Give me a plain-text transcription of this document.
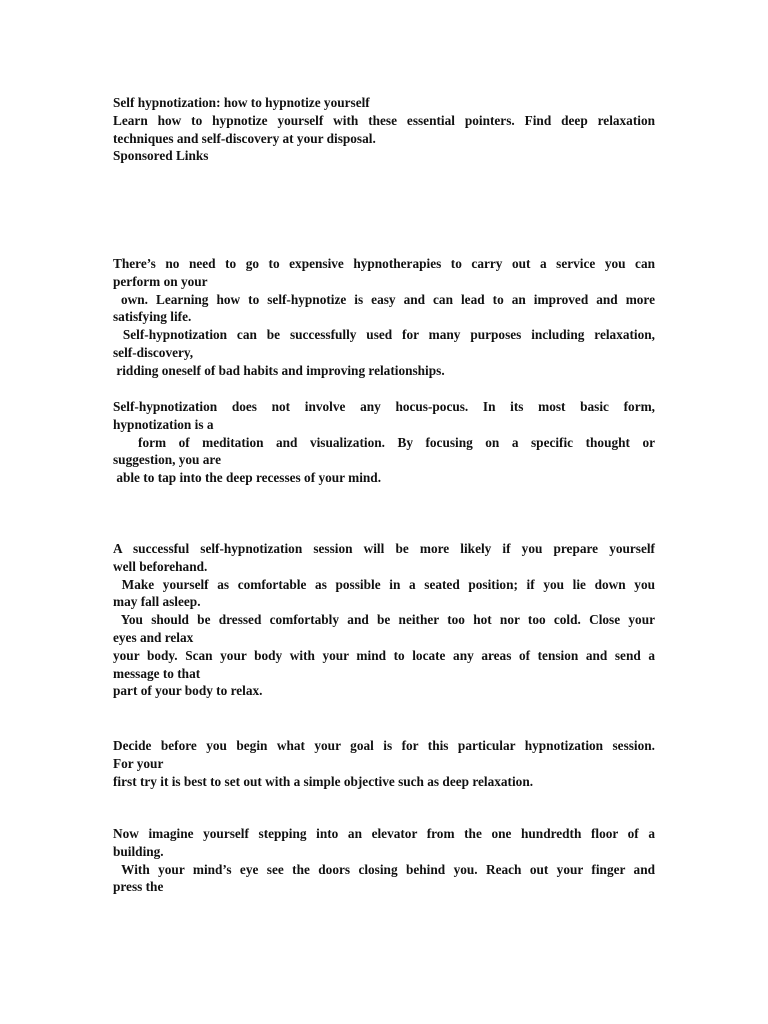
Self hypnotization: how to hypnotize yourself
Learn how to hypnotize yourself with these essential pointers. Find deep relaxation
techniques and self-discovery at your disposal.
Sponsored Links
There’s no need to go to expensive hypnotherapies to carry out a service you can
perform on your
own. Learning how to self-hypnotize is easy and can lead to an improved and more
satisfying life.
Self-hypnotization can be successfully used for many purposes including relaxation,
self-discovery,
ridding oneself of bad habits and improving relationships.
Self-hypnotization does not involve any hocus-pocus. In its most basic form,
hypnotization is a
form of meditation and visualization. By focusing on a specific thought or
suggestion, you are
able to tap into the deep recesses of your mind.
A successful self-hypnotization session will be more likely if you prepare yourself
well beforehand.
Make yourself as comfortable as possible in a seated position; if you lie down you
may fall asleep.
You should be dressed comfortably and be neither too hot nor too cold. Close your
eyes and relax
your body. Scan your body with your mind to locate any areas of tension and send a
message to that
part of your body to relax.
Decide before you begin what your goal is for this particular hypnotization session.
For your
first try it is best to set out with a simple objective such as deep relaxation.
Now imagine yourself stepping into an elevator from the one hundredth floor of a
building.
With your mind’s eye see the doors closing behind you. Reach out your finger and
press the
